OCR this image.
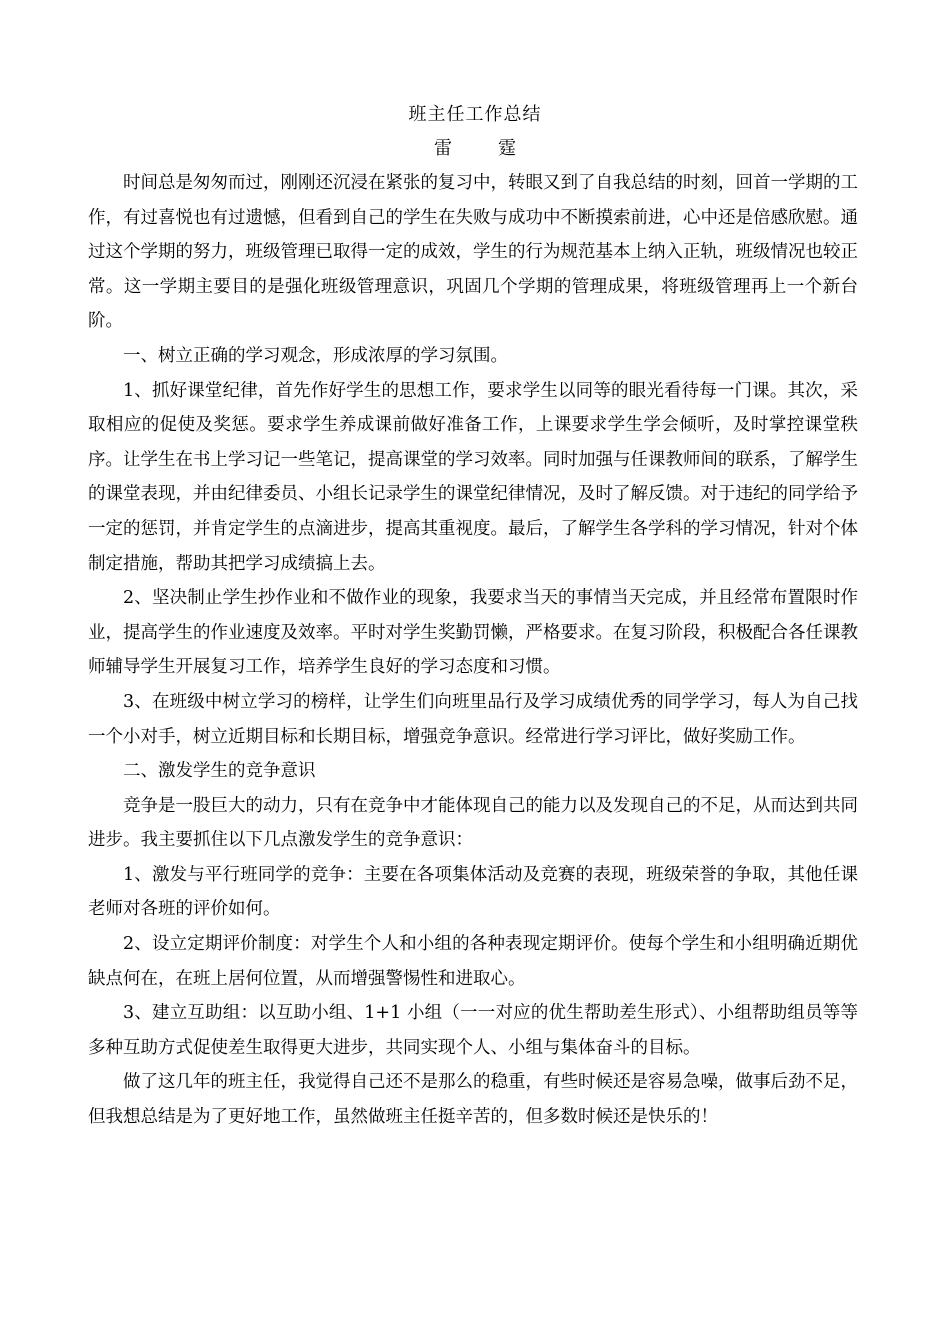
班主任工作总结
雷　霆

时间总是匆匆而过，刚刚还沉浸在紧张的复习中，转眼又到了自我总结的时刻，回首一学期的工作，有过喜悦也有过遗憾，但看到自己的学生在失败与成功中不断摸索前进，心中还是倍感欣慰。通过这个学期的努力，班级管理已取得一定的成效，学生的行为规范基本上纳入正轨，班级情况也较正常。这一学期主要目的是强化班级管理意识，巩固几个学期的管理成果，将班级管理再上一个新台阶。

一、树立正确的学习观念，形成浓厚的学习氛围。

1、抓好课堂纪律，首先作好学生的思想工作，要求学生以同等的眼光看待每一门课。其次，采取相应的促使及奖惩。要求学生养成课前做好准备工作，上课要求学生学会倾听，及时掌控课堂秩序。让学生在书上学习记一些笔记，提高课堂的学习效率。同时加强与任课教师间的联系，了解学生的课堂表现，并由纪律委员、小组长记录学生的课堂纪律情况，及时了解反馈。对于违纪的同学给予一定的惩罚，并肯定学生的点滴进步，提高其重视度。最后，了解学生各学科的学习情况，针对个体制定措施，帮助其把学习成绩搞上去。

2、坚决制止学生抄作业和不做作业的现象，我要求当天的事情当天完成，并且经常布置限时作业，提高学生的作业速度及效率。平时对学生奖勤罚懒，严格要求。在复习阶段，积极配合各任课教师辅导学生开展复习工作，培养学生良好的学习态度和习惯。

3、在班级中树立学习的榜样，让学生们向班里品行及学习成绩优秀的同学学习，每人为自己找一个小对手，树立近期目标和长期目标，增强竞争意识。经常进行学习评比，做好奖励工作。

二、激发学生的竞争意识

竞争是一股巨大的动力，只有在竞争中才能体现自己的能力以及发现自己的不足，从而达到共同进步。我主要抓住以下几点激发学生的竞争意识：

1、激发与平行班同学的竞争：主要在各项集体活动及竞赛的表现，班级荣誉的争取，其他任课老师对各班的评价如何。

2、设立定期评价制度：对学生个人和小组的各种表现定期评价。使每个学生和小组明确近期优缺点何在，在班上居何位置，从而增强警惕性和进取心。

3、建立互助组：以互助小组、1+1 小组（一一对应的优生帮助差生形式）、小组帮助组员等等多种互助方式促使差生取得更大进步，共同实现个人、小组与集体奋斗的目标。

做了这几年的班主任，我觉得自己还不是那么的稳重，有些时候还是容易急噪，做事后劲不足，但我想总结是为了更好地工作，虽然做班主任挺辛苦的，但多数时候还是快乐的！
